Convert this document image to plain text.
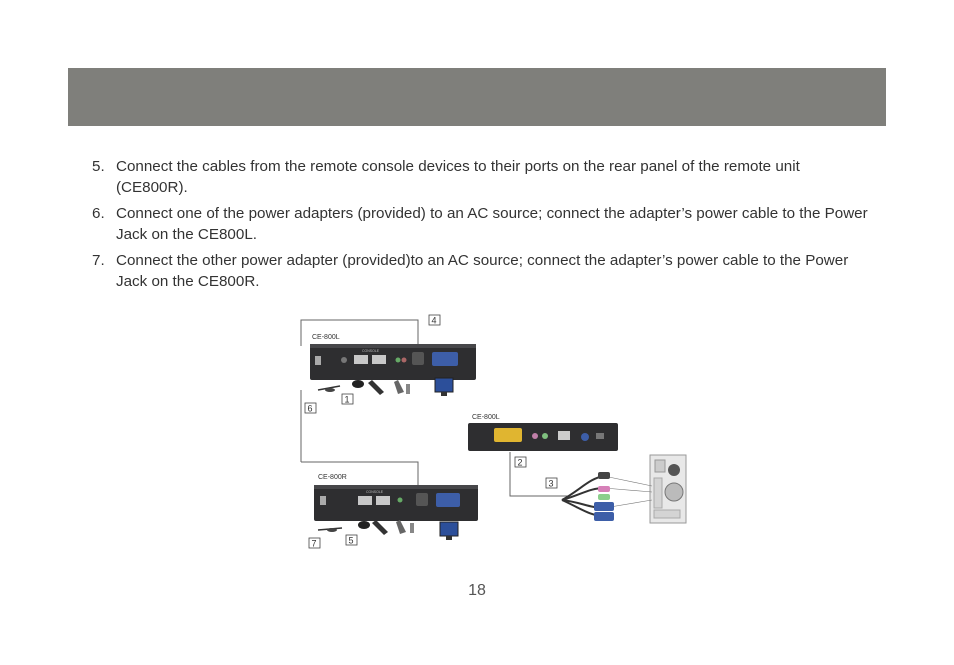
5. Connect the cables from the remote console devices to their ports on the rear panel of the remote unit (CE800R).
6. Connect one of the power adapters (provided) to an AC source; connect the adapter’s power cable to the Power Jack on the CE800L.
7. Connect the other power adapter (provided)to an AC source; connect the adapter’s power cable to the Power Jack on the CE800R.
CE-800L
CONSOLE
CE-800L
CE-800R
CONSOLE
1
2
3
4
5
6
7
18
